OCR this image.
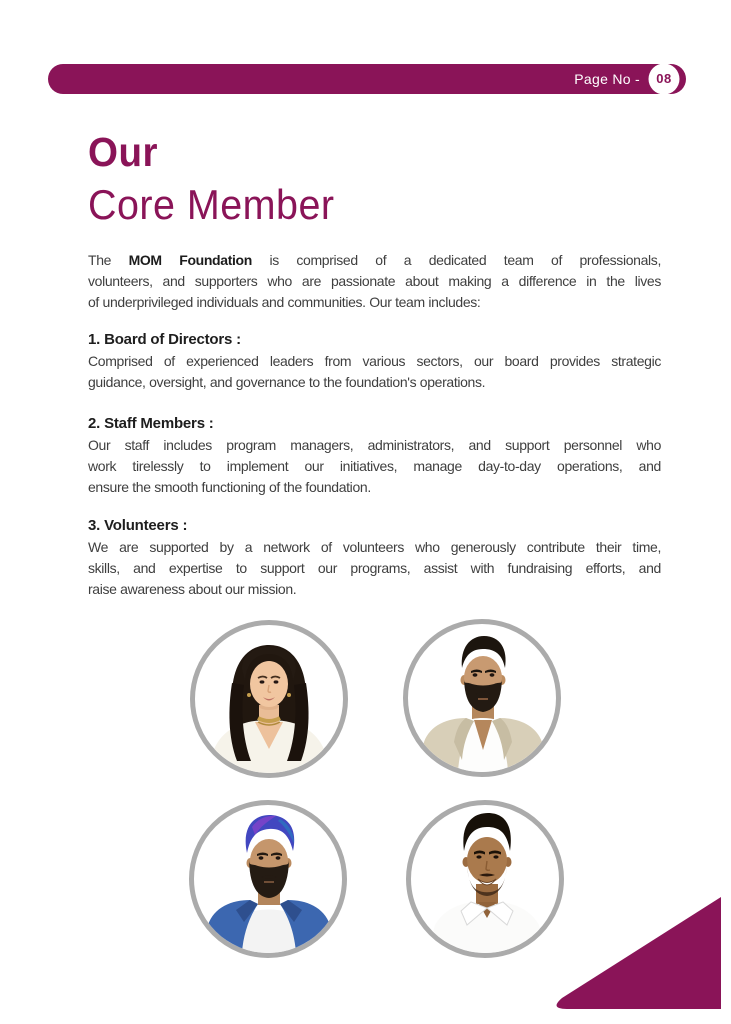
Page No -	08
Our
Core Member
The MOM Foundation is comprised of a dedicated team of professionals,
volunteers, and supporters who are passionate about making a difference in the lives
of underprivileged individuals and communities. Our team includes:
1. Board of Directors :
Comprised of experienced leaders from various sectors, our board provides strategic
guidance, oversight, and governance to the foundation's operations.
2. Staff Members :
Our staff includes program managers, administrators, and support personnel who
work tirelessly to implement our initiatives, manage day-to-day operations, and
ensure the smooth functioning of the foundation.
3. Volunteers :
We are supported by a network of volunteers who generously contribute their time,
skills, and expertise to support our programs, assist with fundraising efforts, and
raise awareness about our mission.
